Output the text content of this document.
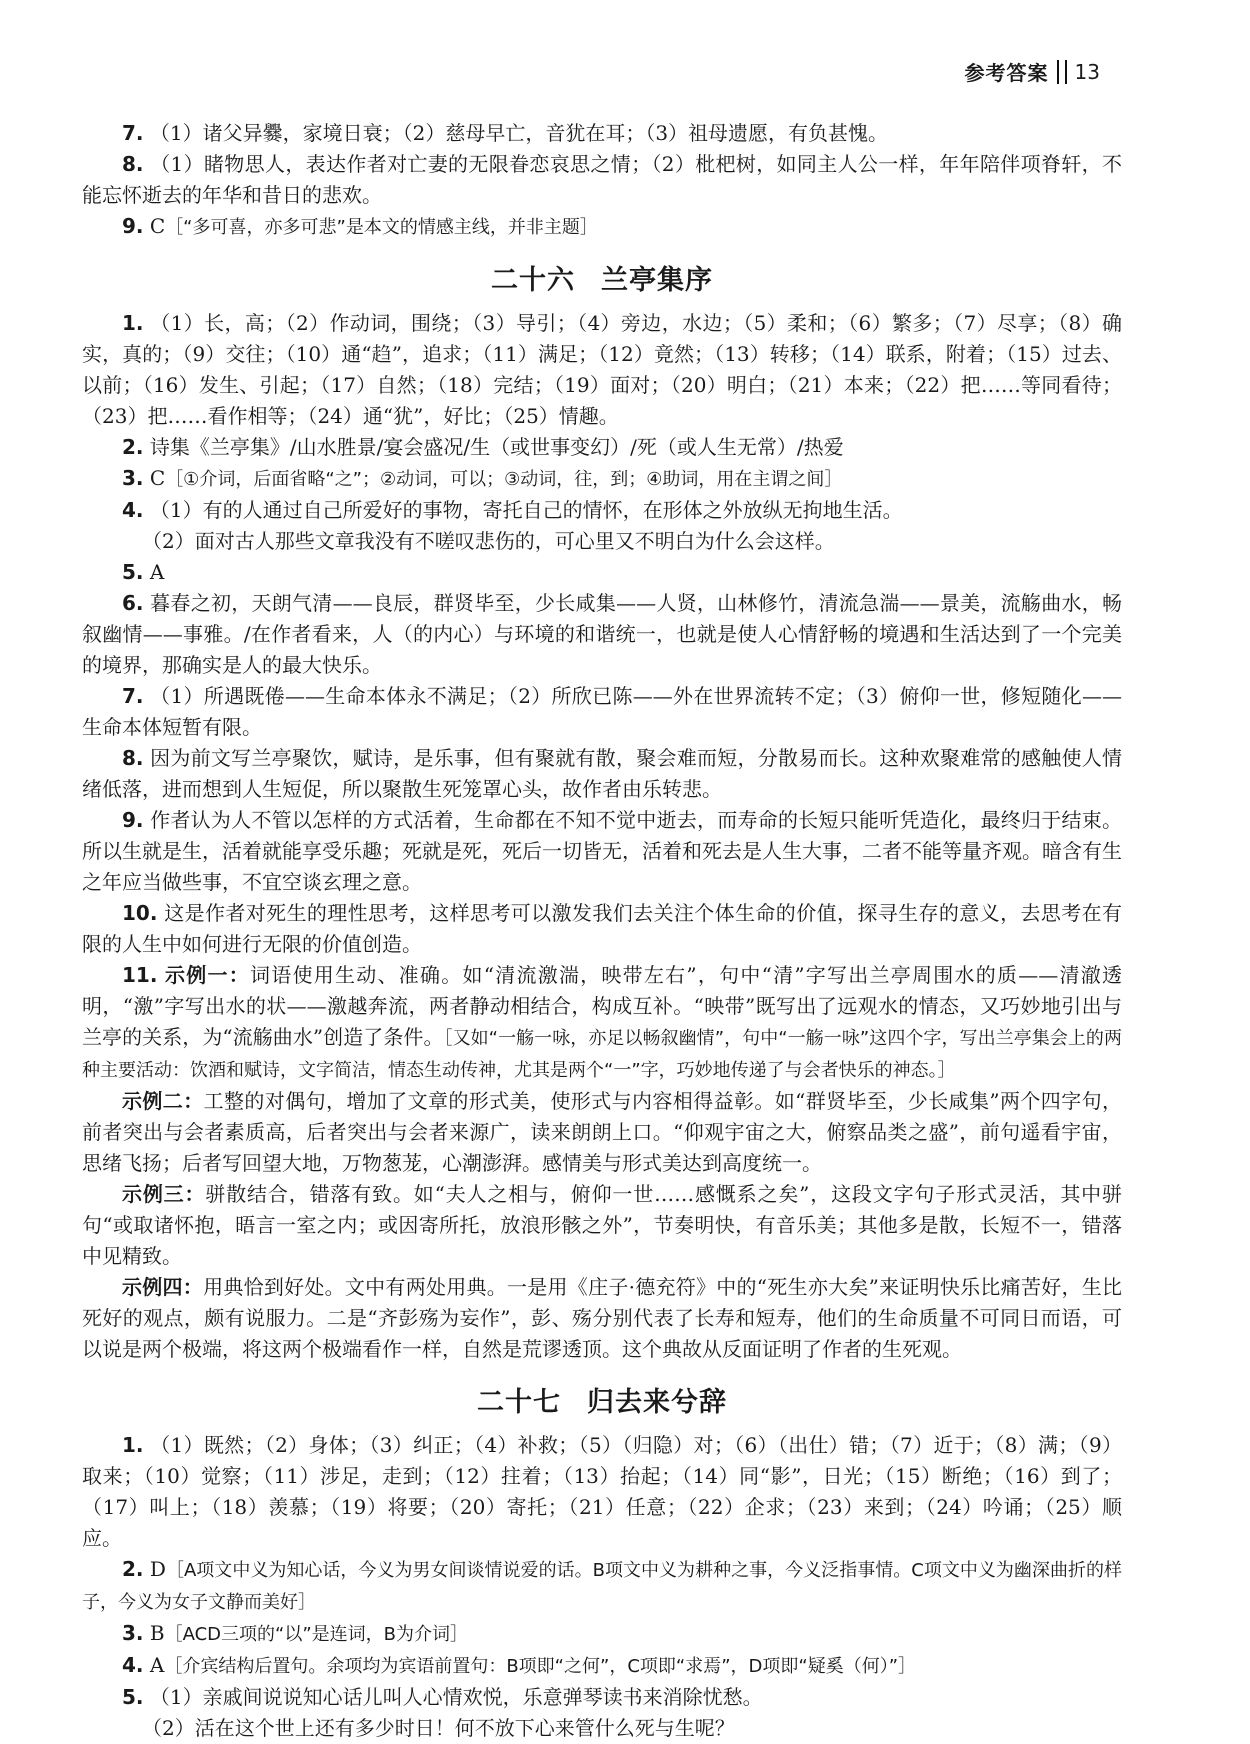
参考答案 13

7. （1）诸父异爨，家境日衰；（2）慈母早亡，音犹在耳；（3）祖母遗愿，有负甚愧。

8. （1）睹物思人，表达作者对亡妻的无限眷恋哀思之情；（2）枇杷树，如同主人公一样，年年陪伴项脊轩，不能忘怀逝去的年华和昔日的悲欢。

9. C［“多可喜，亦多可悲”是本文的情感主线，并非主题］

二十六 兰亭集序

1. （1）长，高；（2）作动词，围绕；（3）导引；（4）旁边，水边；（5）柔和；（6）繁多；（7）尽享；（8）确实，真的；（9）交往；（10）通“趋”，追求；（11）满足；（12）竟然；（13）转移；（14）联系，附着；（15）过去、以前；（16）发生、引起；（17）自然；（18）完结；（19）面对；（20）明白；（21）本来；（22）把……等同看待；（23）把……看作相等；（24）通“犹”，好比；（25）情趣。

2. 诗集《兰亭集》/山水胜景/宴会盛况/生（或世事变幻）/死（或人生无常）/热爱

3. C［①介词，后面省略“之”；②动词，可以；③动词，往，到；④助词，用在主谓之间］

4. （1）有的人通过自己所爱好的事物，寄托自己的情怀，在形体之外放纵无拘地生活。

（2）面对古人那些文章我没有不嗟叹悲伤的，可心里又不明白为什么会这样。

5. A

6. 暮春之初，天朗气清——良辰，群贤毕至，少长咸集——人贤，山林修竹，清流急湍——景美，流觞曲水，畅叙幽情——事雅。/在作者看来，人（的内心）与环境的和谐统一，也就是使人心情舒畅的境遇和生活达到了一个完美的境界，那确实是人的最大快乐。

7. （1）所遇既倦——生命本体永不满足；（2）所欣已陈——外在世界流转不定；（3）俯仰一世，修短随化——生命本体短暂有限。

8. 因为前文写兰亭聚饮，赋诗，是乐事，但有聚就有散，聚会难而短，分散易而长。这种欢聚难常的感触使人情绪低落，进而想到人生短促，所以聚散生死笼罩心头，故作者由乐转悲。

9. 作者认为人不管以怎样的方式活着，生命都在不知不觉中逝去，而寿命的长短只能听凭造化，最终归于结束。所以生就是生，活着就能享受乐趣；死就是死，死后一切皆无，活着和死去是人生大事，二者不能等量齐观。暗含有生之年应当做些事，不宜空谈玄理之意。

10. 这是作者对死生的理性思考，这样思考可以激发我们去关注个体生命的价值，探寻生存的意义，去思考在有限的人生中如何进行无限的价值创造。

11. 示例一：词语使用生动、准确。如“清流激湍，映带左右”，句中“清”字写出兰亭周围水的质——清澈透明，“激”字写出水的状——激越奔流，两者静动相结合，构成互补。“映带”既写出了远观水的情态，又巧妙地引出与兰亭的关系，为“流觞曲水”创造了条件。［又如“一觞一咏，亦足以畅叙幽情”，句中“一觞一咏”这四个字，写出兰亭集会上的两种主要活动：饮酒和赋诗，文字简洁，情态生动传神，尤其是两个“一”字，巧妙地传递了与会者快乐的神态。］

示例二：工整的对偶句，增加了文章的形式美，使形式与内容相得益彰。如“群贤毕至，少长咸集”两个四字句，前者突出与会者素质高，后者突出与会者来源广，读来朗朗上口。“仰观宇宙之大，俯察品类之盛”，前句遥看宇宙，思绪飞扬；后者写回望大地，万物葱茏，心潮澎湃。感情美与形式美达到高度统一。

示例三：骈散结合，错落有致。如“夫人之相与，俯仰一世……感慨系之矣”，这段文字句子形式灵活，其中骈句“或取诸怀抱，晤言一室之内；或因寄所托，放浪形骸之外”，节奏明快，有音乐美；其他多是散，长短不一，错落中见精致。

示例四：用典恰到好处。文中有两处用典。一是用《庄子·德充符》中的“死生亦大矣”来证明快乐比痛苦好，生比死好的观点，颇有说服力。二是“齐彭殇为妄作”，彭、殇分别代表了长寿和短寿，他们的生命质量不可同日而语，可以说是两个极端，将这两个极端看作一样，自然是荒谬透顶。这个典故从反面证明了作者的生死观。

二十七 归去来兮辞

1. （1）既然；（2）身体；（3）纠正；（4）补救；（5）（归隐）对；（6）（出仕）错；（7）近于；（8）满；（9）取来；（10）觉察；（11）涉足，走到；（12）拄着；（13）抬起；（14）同“影”，日光；（15）断绝；（16）到了；（17）叫上；（18）羡慕；（19）将要；（20）寄托；（21）任意；（22）企求；（23）来到；（24）吟诵；（25）顺应。

2. D［A项文中义为知心话，今义为男女间谈情说爱的话。B项文中义为耕种之事，今义泛指事情。C项文中义为幽深曲折的样子，今义为女子文静而美好］

3. B［ACD三项的“以”是连词，B为介词］

4. A［介宾结构后置句。余项均为宾语前置句：B项即“之何”，C项即“求焉”，D项即“疑奚（何）”］

5. （1）亲戚间说说知心话儿叫人心情欢悦，乐意弹琴读书来消除忧愁。

（2）活在这个世上还有多少时日！何不放下心来管什么死与生呢？
